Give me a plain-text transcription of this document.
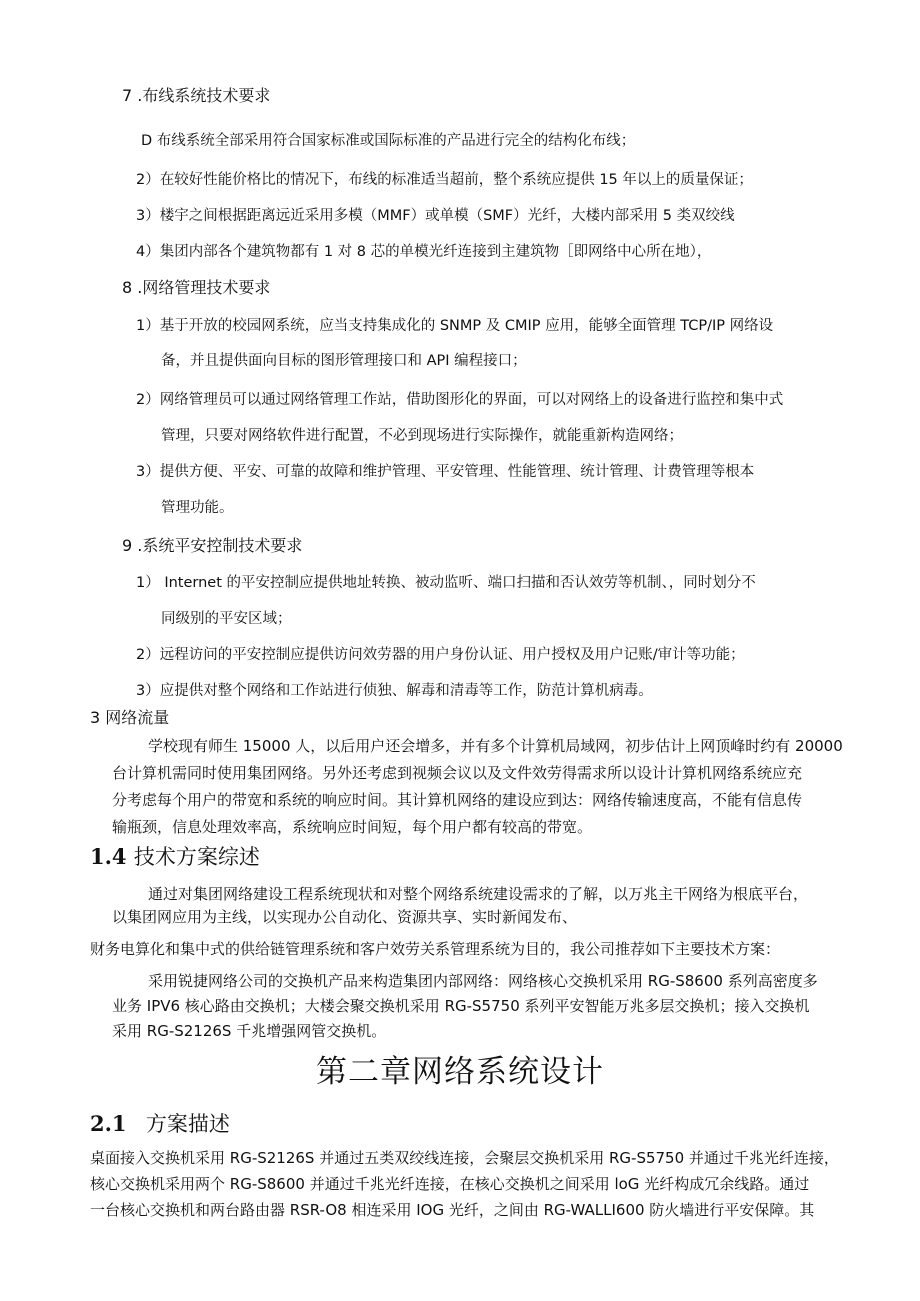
7 .布线系统技术要求
D 布线系统全部采用符合国家标准或国际标准的产品进行完全的结构化布线；
2）在较好性能价格比的情况下，布线的标准适当超前，整个系统应提供 15 年以上的质量保证；
3）楼宇之间根据距离远近采用多模（MMF）或单模（SMF）光纤，大楼内部采用 5 类双绞线
4）集团内部各个建筑物都有 1 对 8 芯的单模光纤连接到主建筑物［即网络中心所在地），
8 .网络管理技术要求
1）基于开放的校园网系统，应当支持集成化的 SNMP 及 CMIP 应用，能够全面管理 TCP/IP 网络设
备，并且提供面向目标的图形管理接口和 API 编程接口；
2）网络管理员可以通过网络管理工作站，借助图形化的界面，可以对网络上的设备进行监控和集中式
管理，只要对网络软件进行配置，不必到现场进行实际操作，就能重新构造网络；
3）提供方便、平安、可靠的故障和维护管理、平安管理、性能管理、统计管理、计费管理等根本
管理功能。
9 .系统平安控制技术要求
1） Internet 的平安控制应提供地址转换、被动监听、端口扫描和否认效劳等机制、，同时划分不
同级别的平安区域；
2）远程访问的平安控制应提供访问效劳器的用户身份认证、用户授权及用户记账/审计等功能；
3）应提供对整个网络和工作站进行侦独、解毒和清毒等工作，防范计算机病毒。
3 网络流量
学校现有师生 15000 人，以后用户还会增多，并有多个计算机局域网，初步估计上网顶峰时约有 20000
台计算机需同时使用集团网络。另外还考虑到视频会议以及文件效劳得需求所以设计计算机网络系统应充
分考虑每个用户的带宽和系统的响应时间。其计算机网络的建设应到达：网络传输速度高，不能有信息传
输瓶颈，信息处理效率高，系统响应时间短，每个用户都有较高的带宽。
1.4 技术方案综述
通过对集团网络建设工程系统现状和对整个网络系统建设需求的了解，以万兆主干网络为根底平台，
以集团网应用为主线，以实现办公自动化、资源共享、实时新闻发布、
财务电算化和集中式的供给链管理系统和客户效劳关系管理系统为目的，我公司推荐如下主要技术方案：
采用锐捷网络公司的交换机产品来构造集团内部网络：网络核心交换机采用 RG-S8600 系列高密度多
业务 IPV6 核心路由交换机；大楼会聚交换机采用 RG-S5750 系列平安智能万兆多层交换机；接入交换机
采用 RG-S2126S 千兆增强网管交换机。
第二章网络系统设计
2.1 方案描述
桌面接入交换机采用 RG-S2126S 并通过五类双绞线连接，会聚层交换机采用 RG-S5750 并通过千兆光纤连接，
核心交换机采用两个 RG-S8600 并通过千兆光纤连接，在核心交换机之间采用 loG 光纤构成冗余线路。通过
一台核心交换机和两台路由器 RSR-O8 相连采用 IOG 光纤，之间由 RG-WALLI600 防火墙进行平安保障。其
